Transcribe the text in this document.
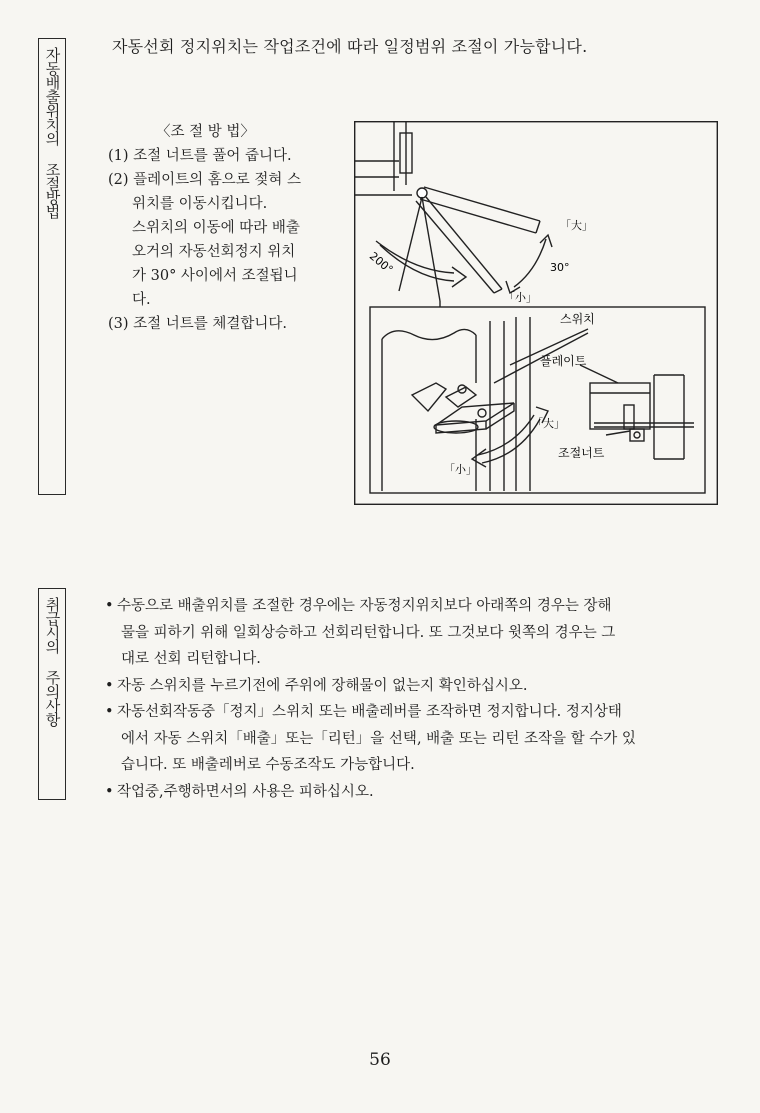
자동배출위치의 조절방법
취급시의 주의사항
자동선회 정지위치는 작업조건에 따라 일정범위 조절이 가능합니다.
〈조 절 방 법〉
(1) 조절 너트를 풀어 줍니다.
(2) 플레이트의 홈으로 젖혀 스
위치를 이동시킵니다.
스위치의 이동에 따라 배출
오거의 자동선회정지 위치
가 30° 사이에서 조절됩니
다.
(3) 조절 너트를 체결합니다.
200°	30°
「大」
「小」
스위치
플레이트
「大」
「小」
조절너트
• 수동으로 배출위치를 조절한 경우에는 자동정지위치보다 아래쪽의 경우는 장해
물을 피하기 위해 일회상승하고 선회리턴합니다. 또 그것보다 윗쪽의 경우는 그
대로 선회 리턴합니다.
• 자동 스위치를 누르기전에 주위에 장해물이 없는지 확인하십시오.
• 자동선회작동중「정지」스위치 또는 배출레버를 조작하면 정지합니다. 정지상태
에서 자동 스위치「배출」또는「리턴」을 선택, 배출 또는 리턴 조작을 할 수가 있
습니다. 또 배출레버로 수동조작도 가능합니다.
• 작업중,주행하면서의 사용은 피하십시오.
56
